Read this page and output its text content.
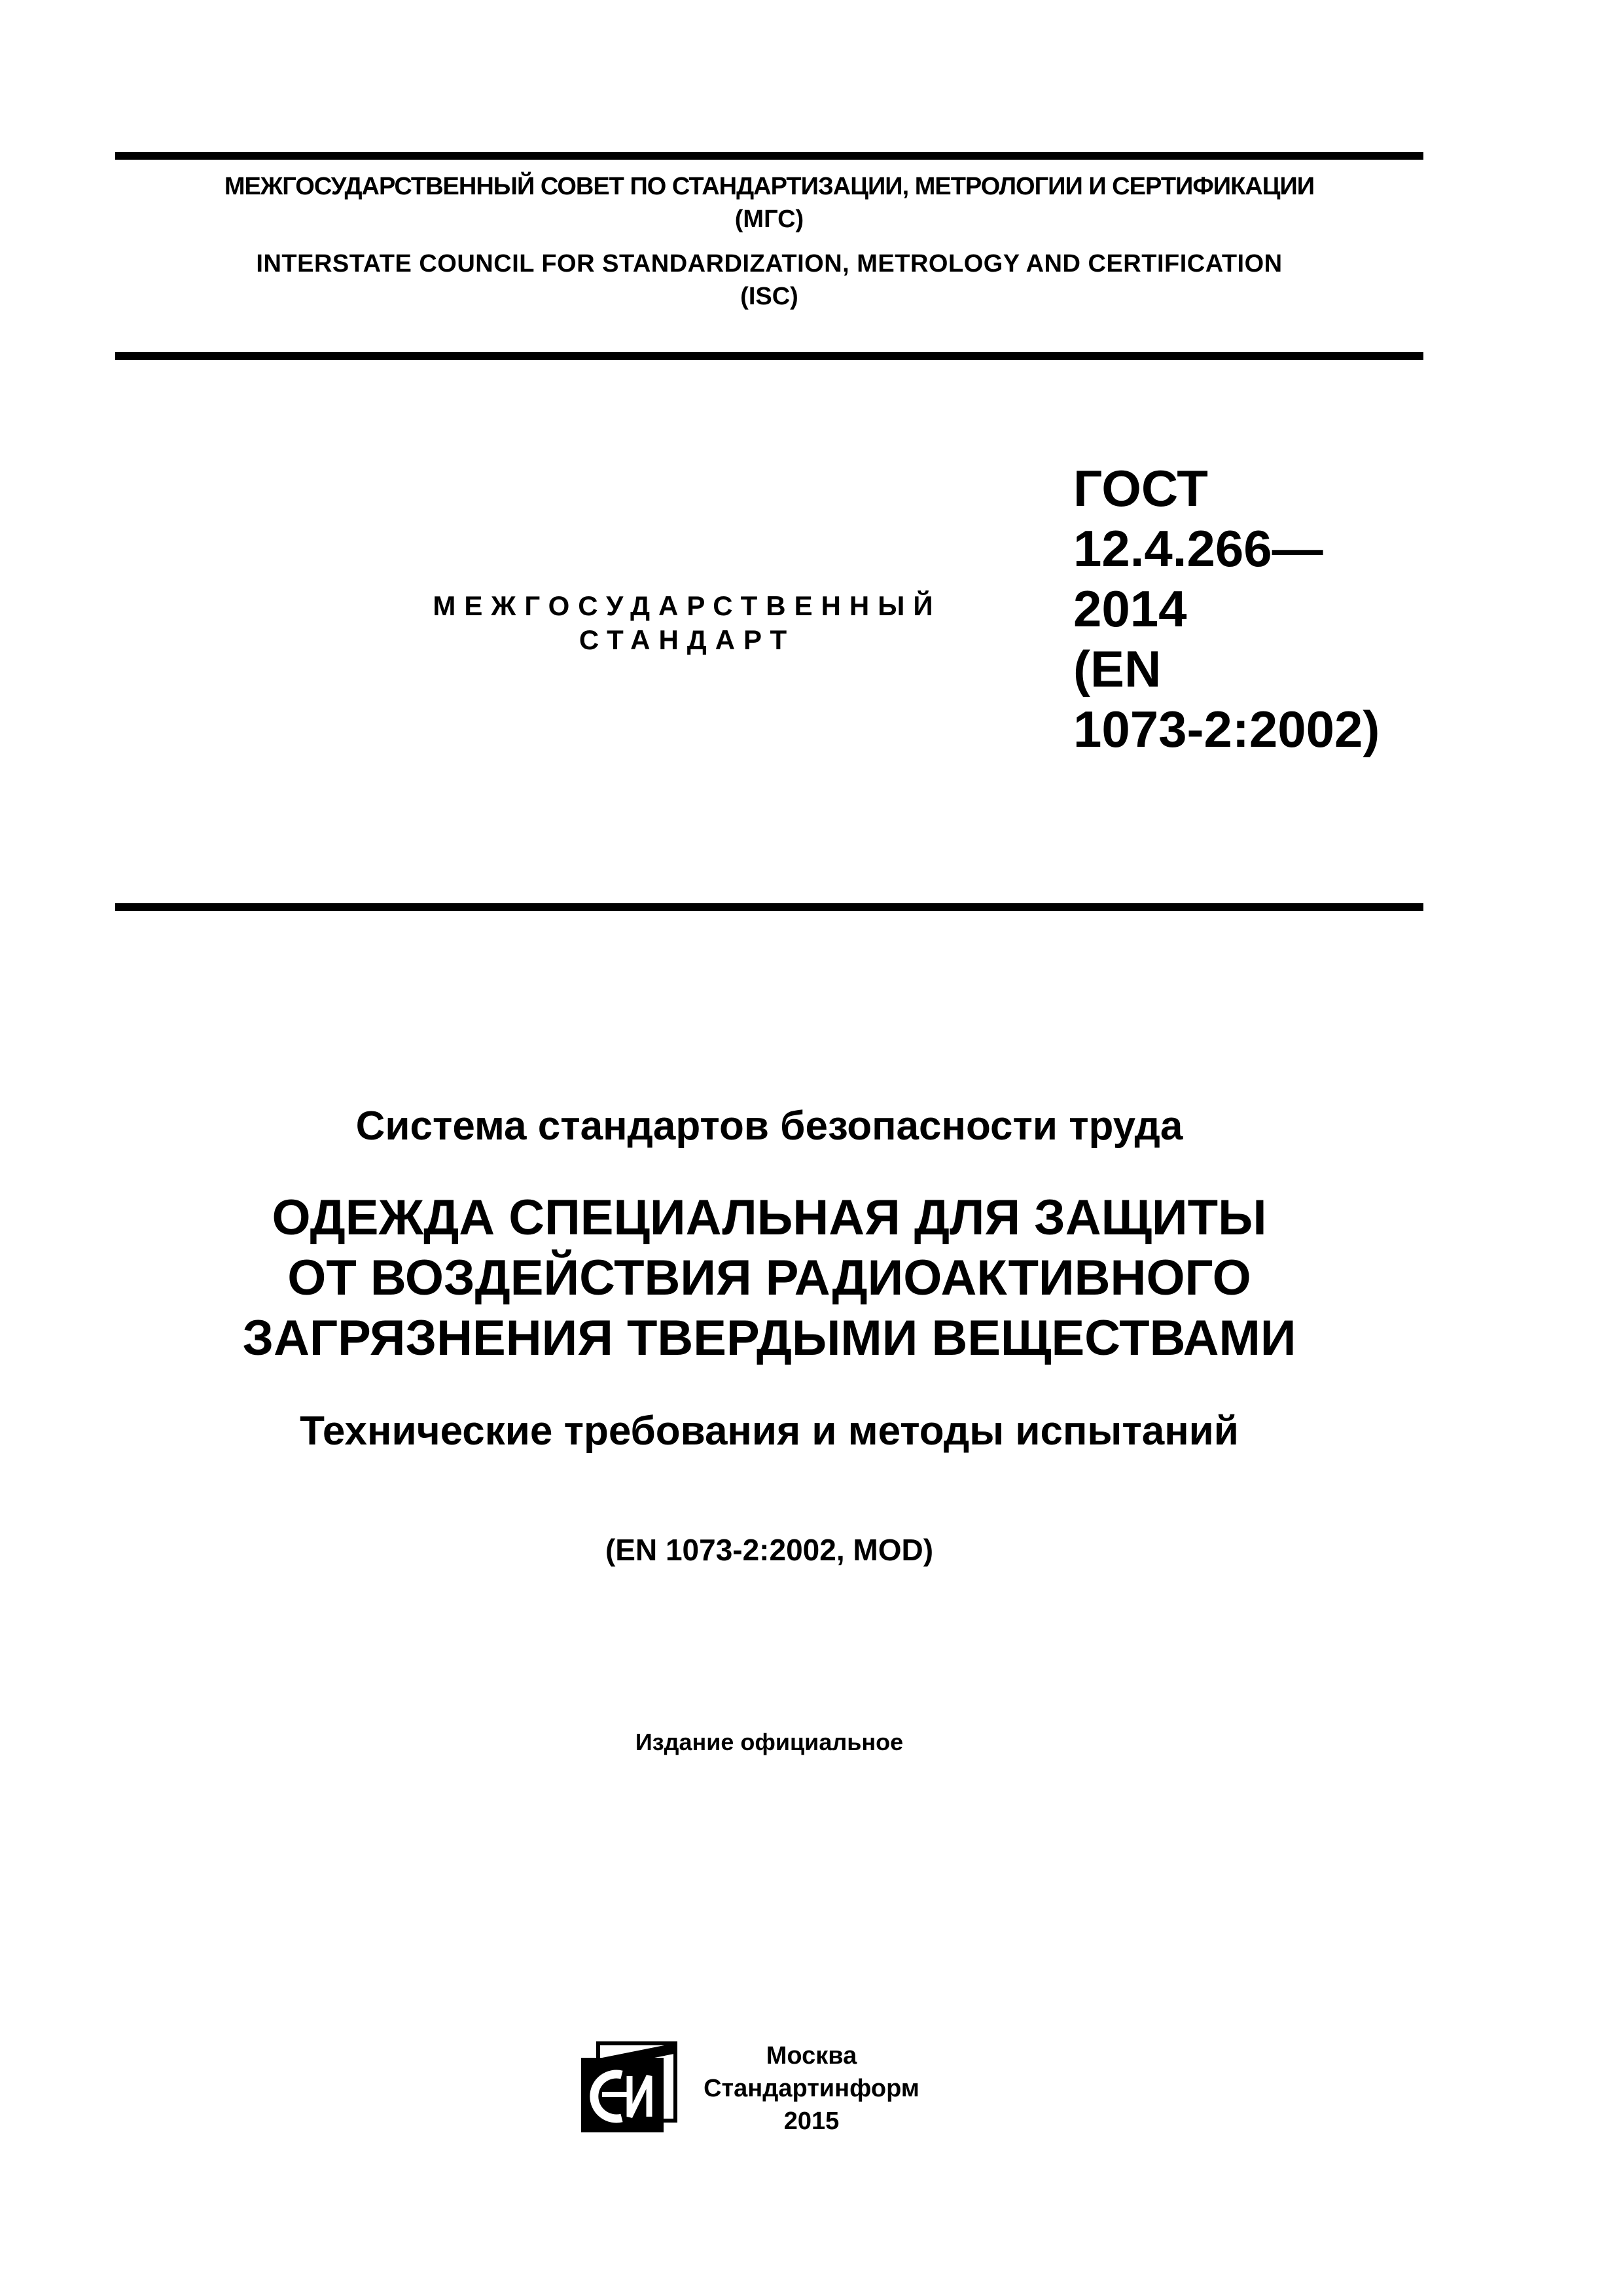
МЕЖГОСУДАРСТВЕННЫЙ СОВЕТ ПО СТАНДАРТИЗАЦИИ, МЕТРОЛОГИИ И СЕРТИФИКАЦИИ
(МГС)
INTERSTATE COUNCIL FOR STANDARDIZATION, METROLOGY AND CERTIFICATION
(ISC)
МЕЖГОСУДАРСТВЕННЫЙ
СТАНДАРТ
ГОСТ
12.4.266—
2014
(EN
1073-2:2002)
Система стандартов безопасности труда
ОДЕЖДА СПЕЦИАЛЬНАЯ ДЛЯ ЗАЩИТЫ
ОТ ВОЗДЕЙСТВИЯ РАДИОАКТИВНОГО
ЗАГРЯЗНЕНИЯ ТВЕРДЫМИ ВЕЩЕСТВАМИ
Технические требования и методы испытаний
(EN 1073-2:2002, MOD)
Издание официальное
Москва
Стандартинформ
2015
